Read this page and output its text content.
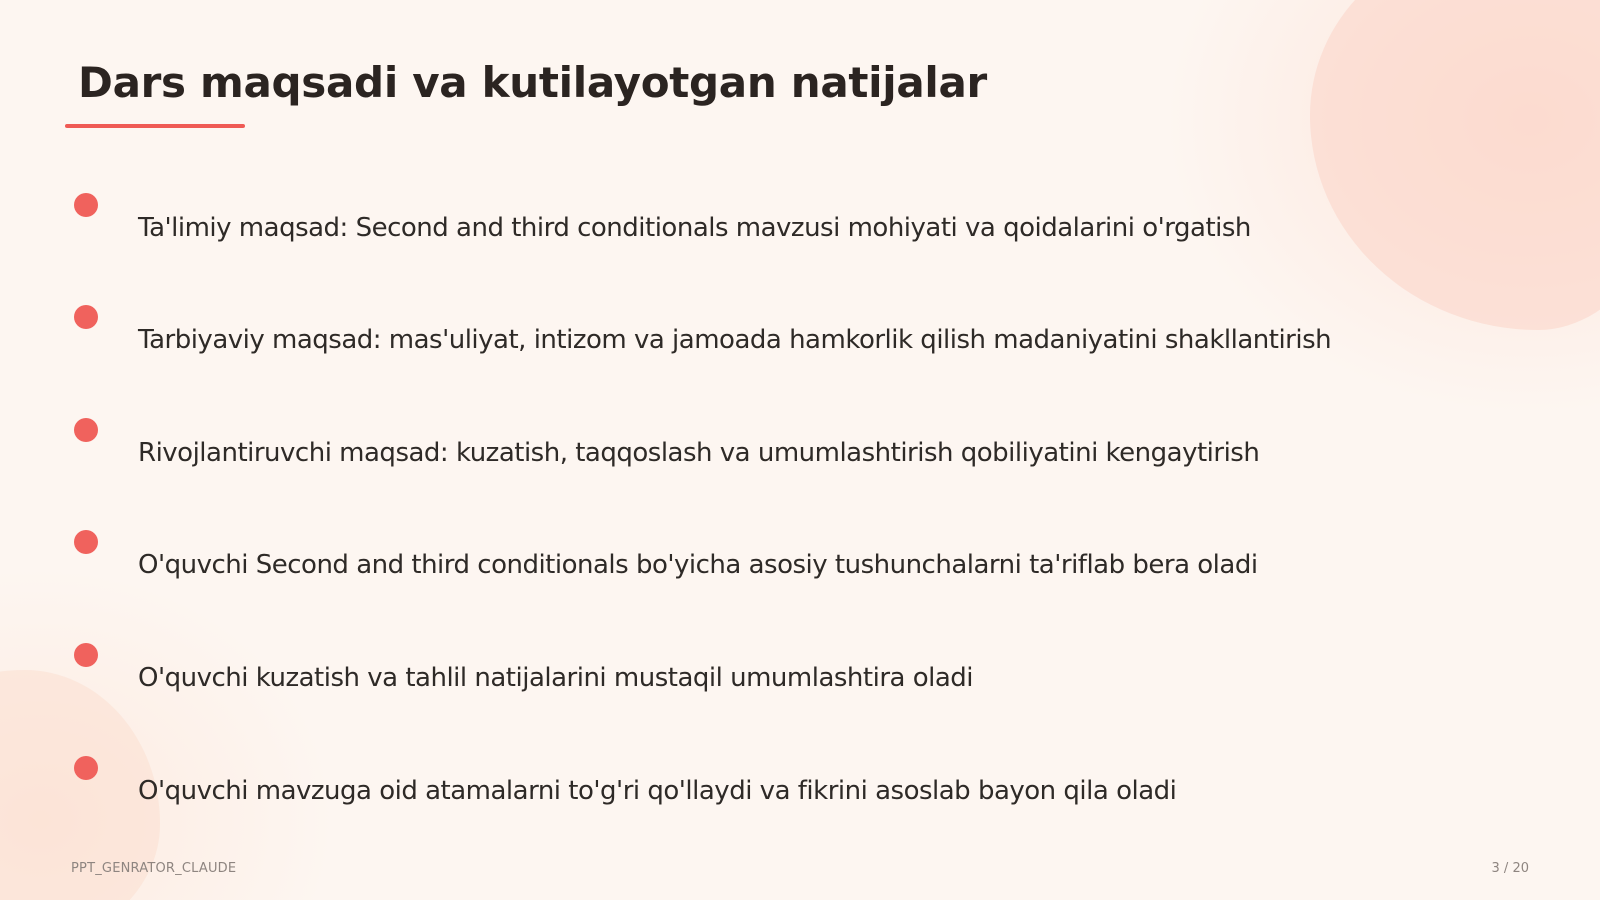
Dars maqsadi va kutilayotgan natijalar
Ta'limiy maqsad: Second and third conditionals mavzusi mohiyati va qoidalarini o'rgatish
Tarbiyaviy maqsad: mas'uliyat, intizom va jamoada hamkorlik qilish madaniyatini shakllantirish
Rivojlantiruvchi maqsad: kuzatish, taqqoslash va umumlashtirish qobiliyatini kengaytirish
O'quvchi Second and third conditionals bo'yicha asosiy tushunchalarni ta'riflab bera oladi
O'quvchi kuzatish va tahlil natijalarini mustaqil umumlashtira oladi
O'quvchi mavzuga oid atamalarni to'g'ri qo'llaydi va fikrini asoslab bayon qila oladi
PPT_GENRATOR_CLAUDE	3 / 20
